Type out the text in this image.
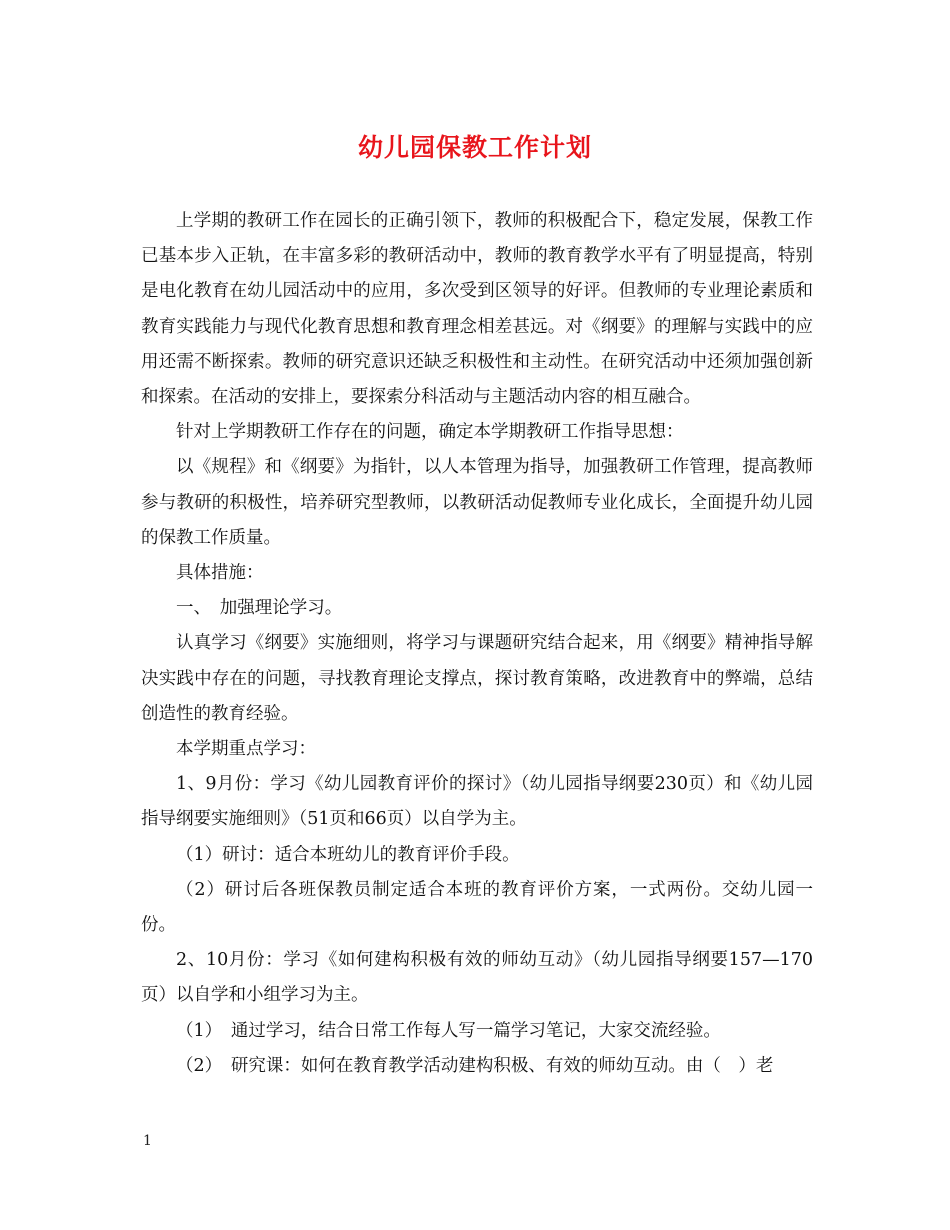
幼儿园保教工作计划

上学期的教研工作在园长的正确引领下，教师的积极配合下，稳定发展，保教工作已基本步入正轨，在丰富多彩的教研活动中，教师的教育教学水平有了明显提高，特别是电化教育在幼儿园活动中的应用，多次受到区领导的好评。但教师的专业理论素质和教育实践能力与现代化教育思想和教育理念相差甚远。对《纲要》的理解与实践中的应用还需不断探索。教师的研究意识还缺乏积极性和主动性。在研究活动中还须加强创新和探索。在活动的安排上，要探索分科活动与主题活动内容的相互融合。

针对上学期教研工作存在的问题，确定本学期教研工作指导思想：

以《规程》和《纲要》为指针，以人本管理为指导，加强教研工作管理，提高教师参与教研的积极性，培养研究型教师，以教研活动促教师专业化成长，全面提升幼儿园的保教工作质量。

具体措施：

一、　加强理论学习。

认真学习《纲要》实施细则，将学习与课题研究结合起来，用《纲要》精神指导解决实践中存在的问题，寻找教育理论支撑点，探讨教育策略，改进教育中的弊端，总结创造性的教育经验。

本学期重点学习：

1、9月份：学习《幼儿园教育评价的探讨》（幼儿园指导纲要230页）和《幼儿园指导纲要实施细则》（51页和66页）以自学为主。

（1）研讨：适合本班幼儿的教育评价手段。

（2）研讨后各班保教员制定适合本班的教育评价方案，一式两份。交幼儿园一份。

2、10月份：学习《如何建构积极有效的师幼互动》（幼儿园指导纲要157—170页）以自学和小组学习为主。

（1）　通过学习，结合日常工作每人写一篇学习笔记，大家交流经验。

（2）　研究课：如何在教育教学活动建构积极、有效的师幼互动。由（　）老

1
